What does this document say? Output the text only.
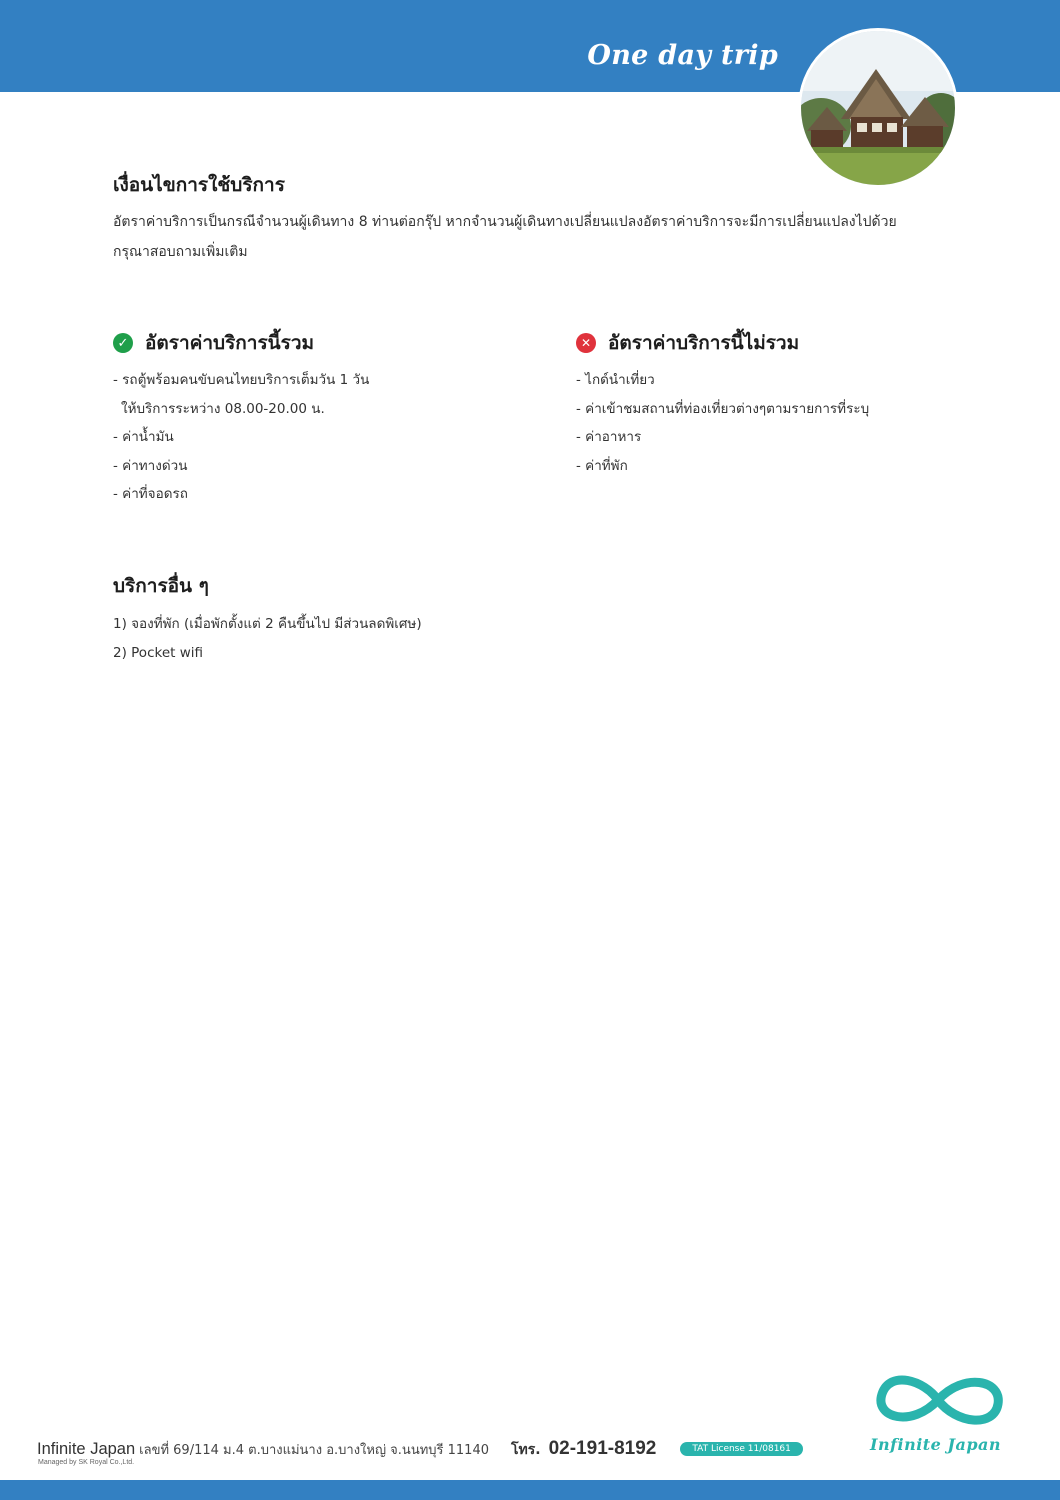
One day trip
เงื่อนไขการใช้บริการ
อัตราค่าบริการเป็นกรณีจำนวนผู้เดินทาง 8 ท่านต่อกรุ๊ป หากจำนวนผู้เดินทางเปลี่ยนแปลงอัตราค่าบริการจะมีการเปลี่ยนแปลงไปด้วย
กรุณาสอบถามเพิ่มเติม
✓ อัตราค่าบริการนี้รวม
- รถตู้พร้อมคนขับคนไทยบริการเต็มวัน 1 วัน
ให้บริการระหว่าง 08.00-20.00 น.
- ค่าน้ำมัน
- ค่าทางด่วน
- ค่าที่จอดรถ
✕ อัตราค่าบริการนี้ไม่รวม
- ไกด์นำเที่ยว
- ค่าเข้าชมสถานที่ท่องเที่ยวต่างๆตามรายการที่ระบุ
- ค่าอาหาร
- ค่าที่พัก
บริการอื่น ๆ
1) จองที่พัก (เมื่อพักตั้งแต่ 2 คืนขึ้นไป มีส่วนลดพิเศษ)
2) Pocket wifi
Infinite Japan
Infinite Japan เลขที่ 69/114 ม.4 ต.บางแม่นาง อ.บางใหญ่ จ.นนทบุรี 11140 โทร. 02-191-8192	TAT License 11/08161
Managed by SK Royal Co.,Ltd.
